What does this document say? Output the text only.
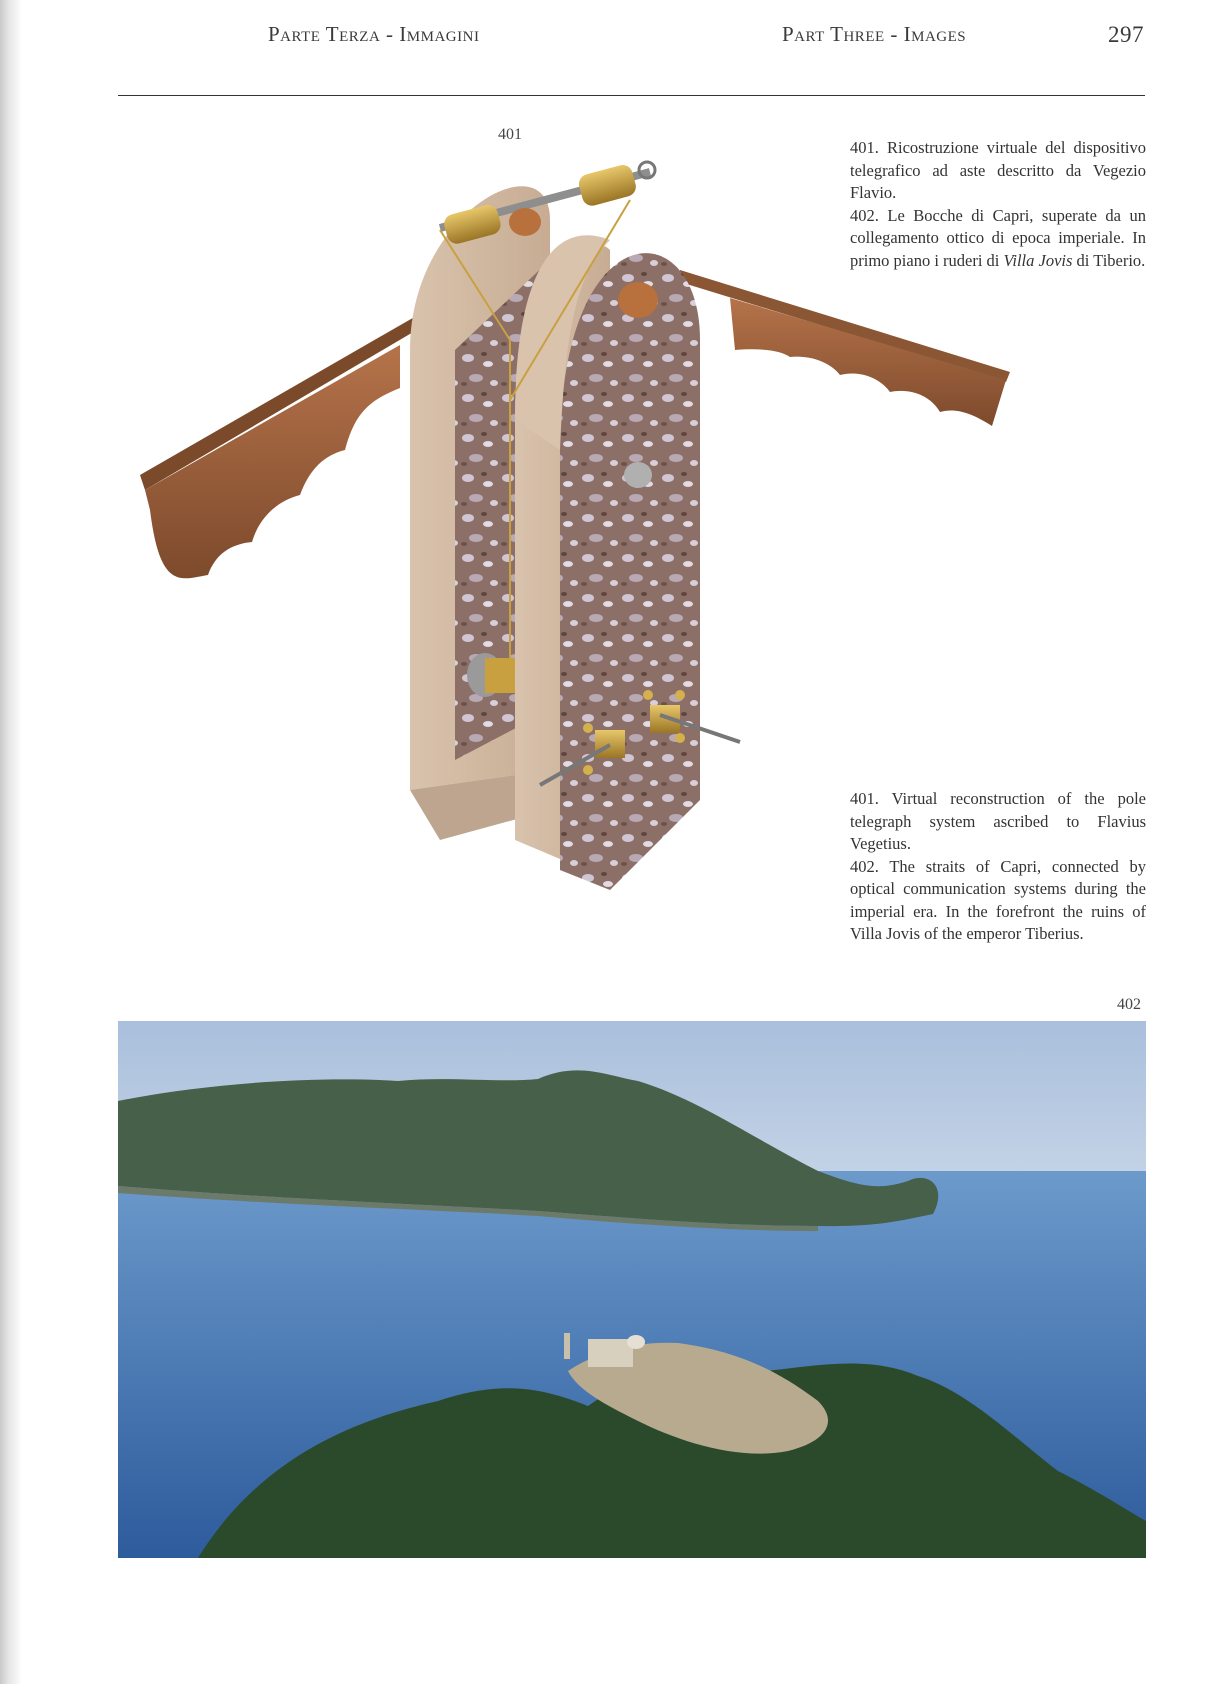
Parte Terza - Immagini	Part Three - Images	297
401

401. Ricostruzione virtuale del dispositivo telegrafico ad aste descritto da Vegezio Flavio.

402. Le Bocche di Capri, superate da un collegamento ottico di epoca imperiale. In primo piano i ruderi di Villa Jovis di Tiberio.

401. Virtual reconstruction of the pole telegraph system ascribed to Flavius Vegetius.

402. The straits of Capri, connected by optical communication systems during the imperial era. In the forefront the ruins of Villa Jovis of the emperor Tiberius.

402
